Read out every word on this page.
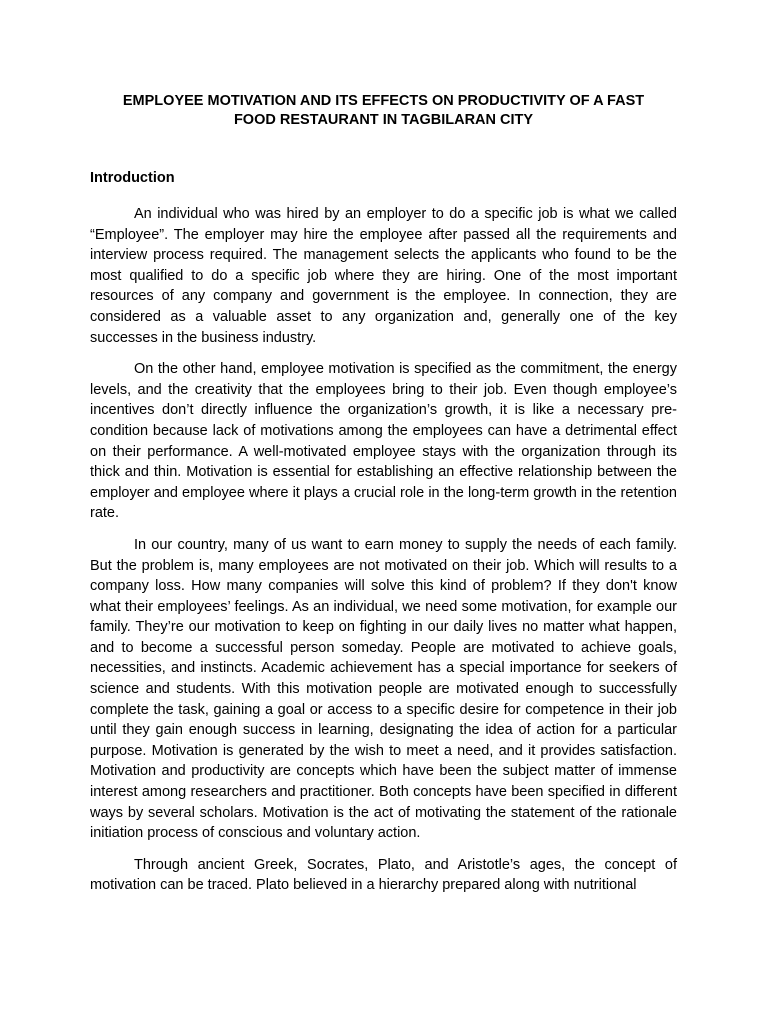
EMPLOYEE MOTIVATION AND ITS EFFECTS ON PRODUCTIVITY OF A FAST
FOOD RESTAURANT IN TAGBILARAN CITY
Introduction

An individual who was hired by an employer to do a specific job is what we called “Employee”. The employer may hire the employee after passed all the requirements and interview process required. The management selects the applicants who found to be the most qualified to do a specific job where they are hiring. One of the most important resources of any company and government is the employee. In connection, they are considered as a valuable asset to any organization and, generally one of the key successes in the business industry.

On the other hand, employee motivation is specified as the commitment, the energy levels, and the creativity that the employees bring to their job. Even though employee’s incentives don’t directly influence the organization’s growth, it is like a necessary pre-condition because lack of motivations among the employees can have a detrimental effect on their performance. A well-motivated employee stays with the organization through its thick and thin. Motivation is essential for establishing an effective relationship between the employer and employee where it plays a crucial role in the long-term growth in the retention rate.

In our country, many of us want to earn money to supply the needs of each family. But the problem is, many employees are not motivated on their job. Which will results to a company loss. How many companies will solve this kind of problem? If they don't know what their employees’ feelings. As an individual, we need some motivation, for example our family. They’re our motivation to keep on fighting in our daily lives no matter what happen, and to become a successful person someday. People are motivated to achieve goals, necessities, and instincts. Academic achievement has a special importance for seekers of science and students. With this motivation people are motivated enough to successfully complete the task, gaining a goal or access to a specific desire for competence in their job until they gain enough success in learning, designating the idea of action for a particular purpose. Motivation is generated by the wish to meet a need, and it provides satisfaction. Motivation and productivity are concepts which have been the subject matter of immense interest among researchers and practitioner. Both concepts have been specified in different ways by several scholars. Motivation is the act of motivating the statement of the rationale initiation process of conscious and voluntary action.

Through ancient Greek, Socrates, Plato, and Aristotle’s ages, the concept of motivation can be traced. Plato believed in a hierarchy prepared along with nutritional
